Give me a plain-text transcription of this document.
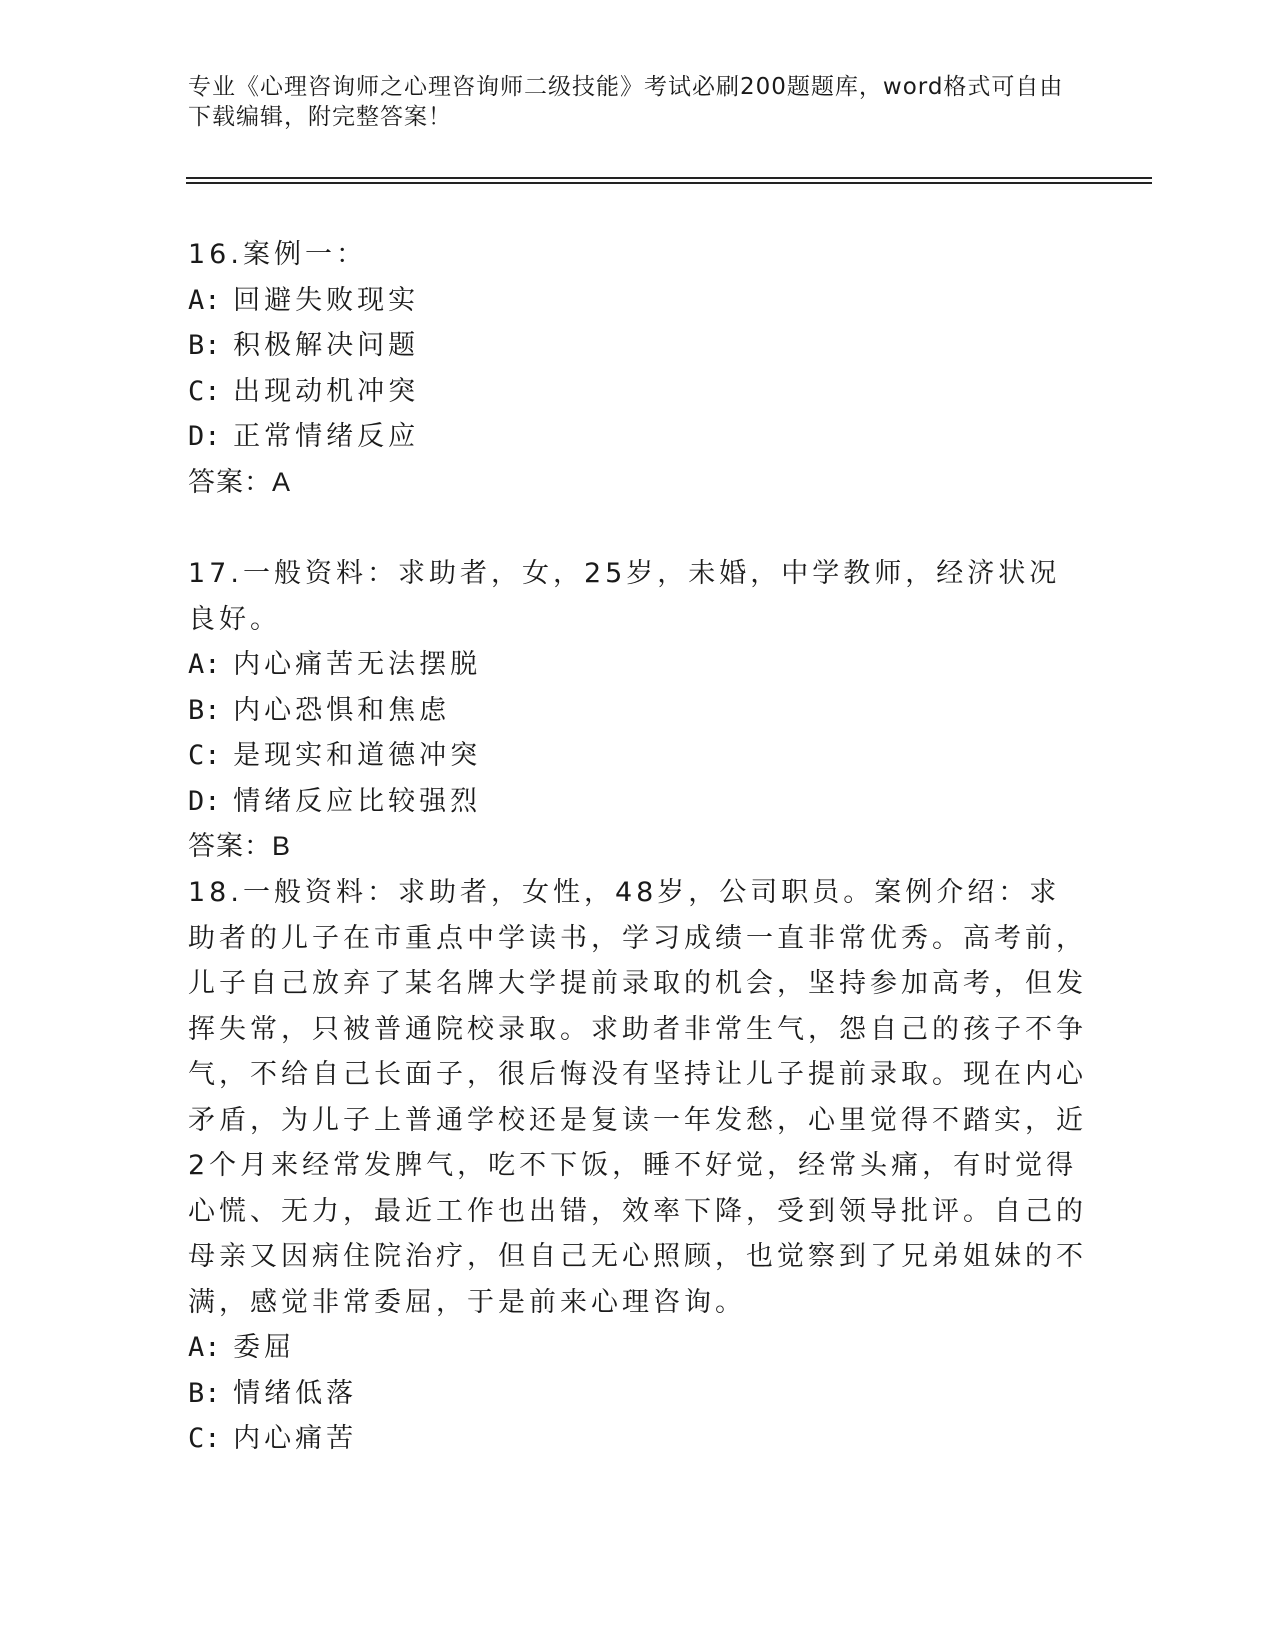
专业《心理咨询师之心理咨询师二级技能》考试必刷200题题库，word格式可自由下载编辑，附完整答案！

16.案例一：

A: 回避失败现实

B: 积极解决问题

C: 出现动机冲突

D: 正常情绪反应

答案：A

17.一般资料：求助者，女，25岁，未婚，中学教师，经济状况良好。

A: 内心痛苦无法摆脱

B: 内心恐惧和焦虑

C: 是现实和道德冲突

D: 情绪反应比较强烈

答案：B

18.一般资料：求助者，女性，48岁，公司职员。案例介绍：求助者的儿子在市重点中学读书，学习成绩一直非常优秀。高考前，儿子自己放弃了某名牌大学提前录取的机会，坚持参加高考，但发挥失常，只被普通院校录取。求助者非常生气，怨自己的孩子不争气，不给自己长面子，很后悔没有坚持让儿子提前录取。现在内心矛盾，为儿子上普通学校还是复读一年发愁，心里觉得不踏实，近2个月来经常发脾气，吃不下饭，睡不好觉，经常头痛，有时觉得心慌、无力，最近工作也出错，效率下降，受到领导批评。自己的母亲又因病住院治疗，但自己无心照顾，也觉察到了兄弟姐妹的不满，感觉非常委屈，于是前来心理咨询。

A: 委屈

B: 情绪低落

C: 内心痛苦
